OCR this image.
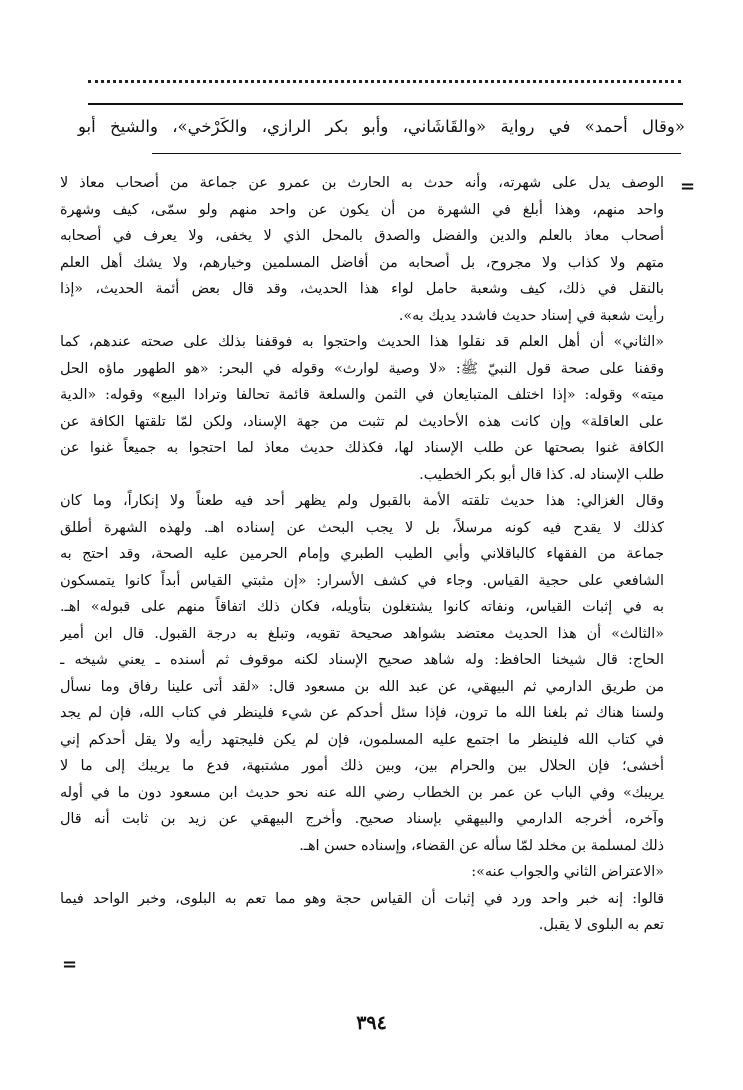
«وقال أحمد» في رواية «والقَاشَاني، وأبو بكر الرازي، والكَرْخي»، والشيخ أبو
=
الوصف يدل على شهرته، وأنه حدث به الحارث بن عمرو عن جماعة من أصحاب معاذ لا
واحد منهم، وهذا أبلغ في الشهرة من أن يكون عن واحد منهم ولو سمّى، كيف وشهرة
أصحاب معاذ بالعلم والدين والفضل والصدق بالمحل الذي لا يخفى، ولا يعرف في أصحابه
متهم ولا كذاب ولا مجروح، بل أصحابه من أفاضل المسلمين وخيارهم، ولا يشك أهل العلم
بالنقل في ذلك، كيف وشعبة حامل لواء هذا الحديث، وقد قال بعض أئمة الحديث، «إذا
رأيت شعبة في إسناد حديث فاشدد يديك به».
«الثاني» أن أهل العلم قد نقلوا هذا الحديث واحتجوا به فوقفنا بذلك على صحته عندهم، كما
وقفنا على صحة قول النبيّ ﷺ: «لا وصية لوارث» وقوله في البحر: «هو الطهور ماؤه الحل
ميته» وقوله: «إذا اختلف المتبايعان في الثمن والسلعة قائمة تحالفا وترادا البيع» وقوله: «الدية
على العاقلة» وإن كانت هذه الأحاديث لم تثبت من جهة الإسناد، ولكن لمّا تلقتها الكافة عن
الكافة غنوا بصحتها عن طلب الإسناد لها، فكذلك حديث معاذ لما احتجوا به جميعاً غنوا عن
طلب الإسناد له. كذا قال أبو بكر الخطيب.
وقال الغزالي: هذا حديث تلقته الأمة بالقبول ولم يظهر أحد فيه طعناً ولا إنكاراً، وما كان
كذلك لا يقدح فيه كونه مرسلاً، بل لا يجب البحث عن إسناده اهـ. ولهذه الشهرة أطلق
جماعة من الفقهاء كالباقلاني وأبي الطيب الطبري وإمام الحرمين عليه الصحة، وقد احتج به
الشافعي على حجية القياس. وجاء في كشف الأسرار: «إن مثبتي القياس أبداً كانوا يتمسكون
به في إثبات القياس، ونفاته كانوا يشتغلون بتأويله، فكان ذلك اتفاقاً منهم على قبوله» اهـ.
«الثالث» أن هذا الحديث معتضد بشواهد صحيحة تقويه، وتبلغ به درجة القبول. قال ابن أمير
الحاج: قال شيخنا الحافظ: وله شاهد صحيح الإسناد لكنه موقوف ثم أسنده ـ يعني شيخه ـ
من طريق الدارمي ثم البيهقي، عن عبد الله بن مسعود قال: «لقد أتى علينا رفاق وما نسأل
ولسنا هناك ثم بلغنا الله ما ترون، فإذا سئل أحدكم عن شيء فلينظر في كتاب الله، فإن لم يجد
في كتاب الله فلينظر ما اجتمع عليه المسلمون، فإن لم يكن فليجتهد رأيه ولا يقل أحدكم إني
أخشى؛ فإن الحلال بين والحرام بين، وبين ذلك أمور مشتبهة، فدع ما يريبك إلى ما لا
يريبك» وفي الباب عن عمر بن الخطاب رضي الله عنه نحو حديث ابن مسعود دون ما في أوله
وآخره، أخرجه الدارمي والبيهقي بإسناد صحيح. وأخرج البيهقي عن زيد بن ثابت أنه قال
ذلك لمسلمة بن مخلد لمّا سأله عن القضاء، وإسناده حسن اهـ.
«الاعتراض الثاني والجواب عنه»:
قالوا: إنه خبر واحد ورد في إثبات أن القياس حجة وهو مما تعم به البلوى، وخبر الواحد فيما
تعم به البلوى لا يقبل.
=
٣٩٤
